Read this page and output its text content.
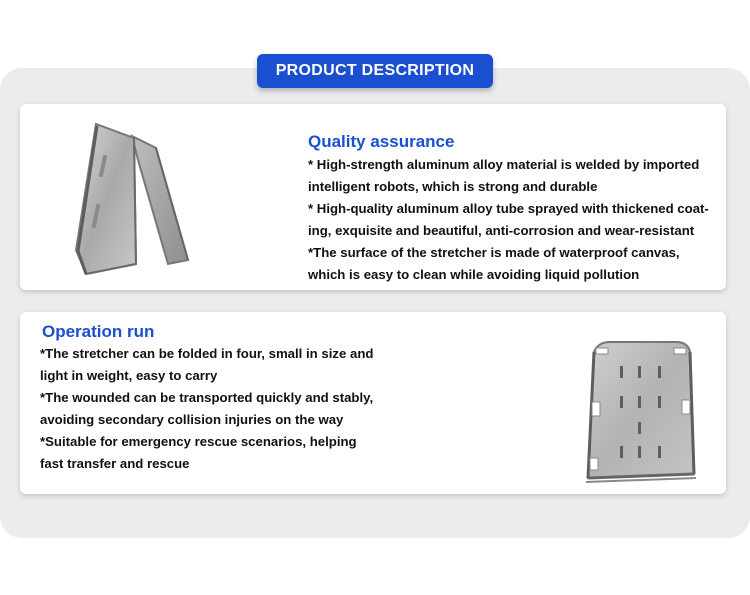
PRODUCT DESCRIPTION
Quality assurance

* High-strength aluminum alloy material is welded by imported

intelligent robots, which is strong and durable

* High-quality aluminum alloy tube sprayed with thickened coat-

ing, exquisite and beautiful, anti-corrosion and wear-resistant

*The surface of the stretcher is made of waterproof canvas,

which is easy to clean while avoiding liquid pollution

Operation run

*The stretcher can be folded in four, small in size and

light in weight, easy to carry

*The wounded can be transported quickly and stably,

avoiding secondary collision injuries on the way

*Suitable for emergency rescue scenarios, helping

fast transfer and rescue
